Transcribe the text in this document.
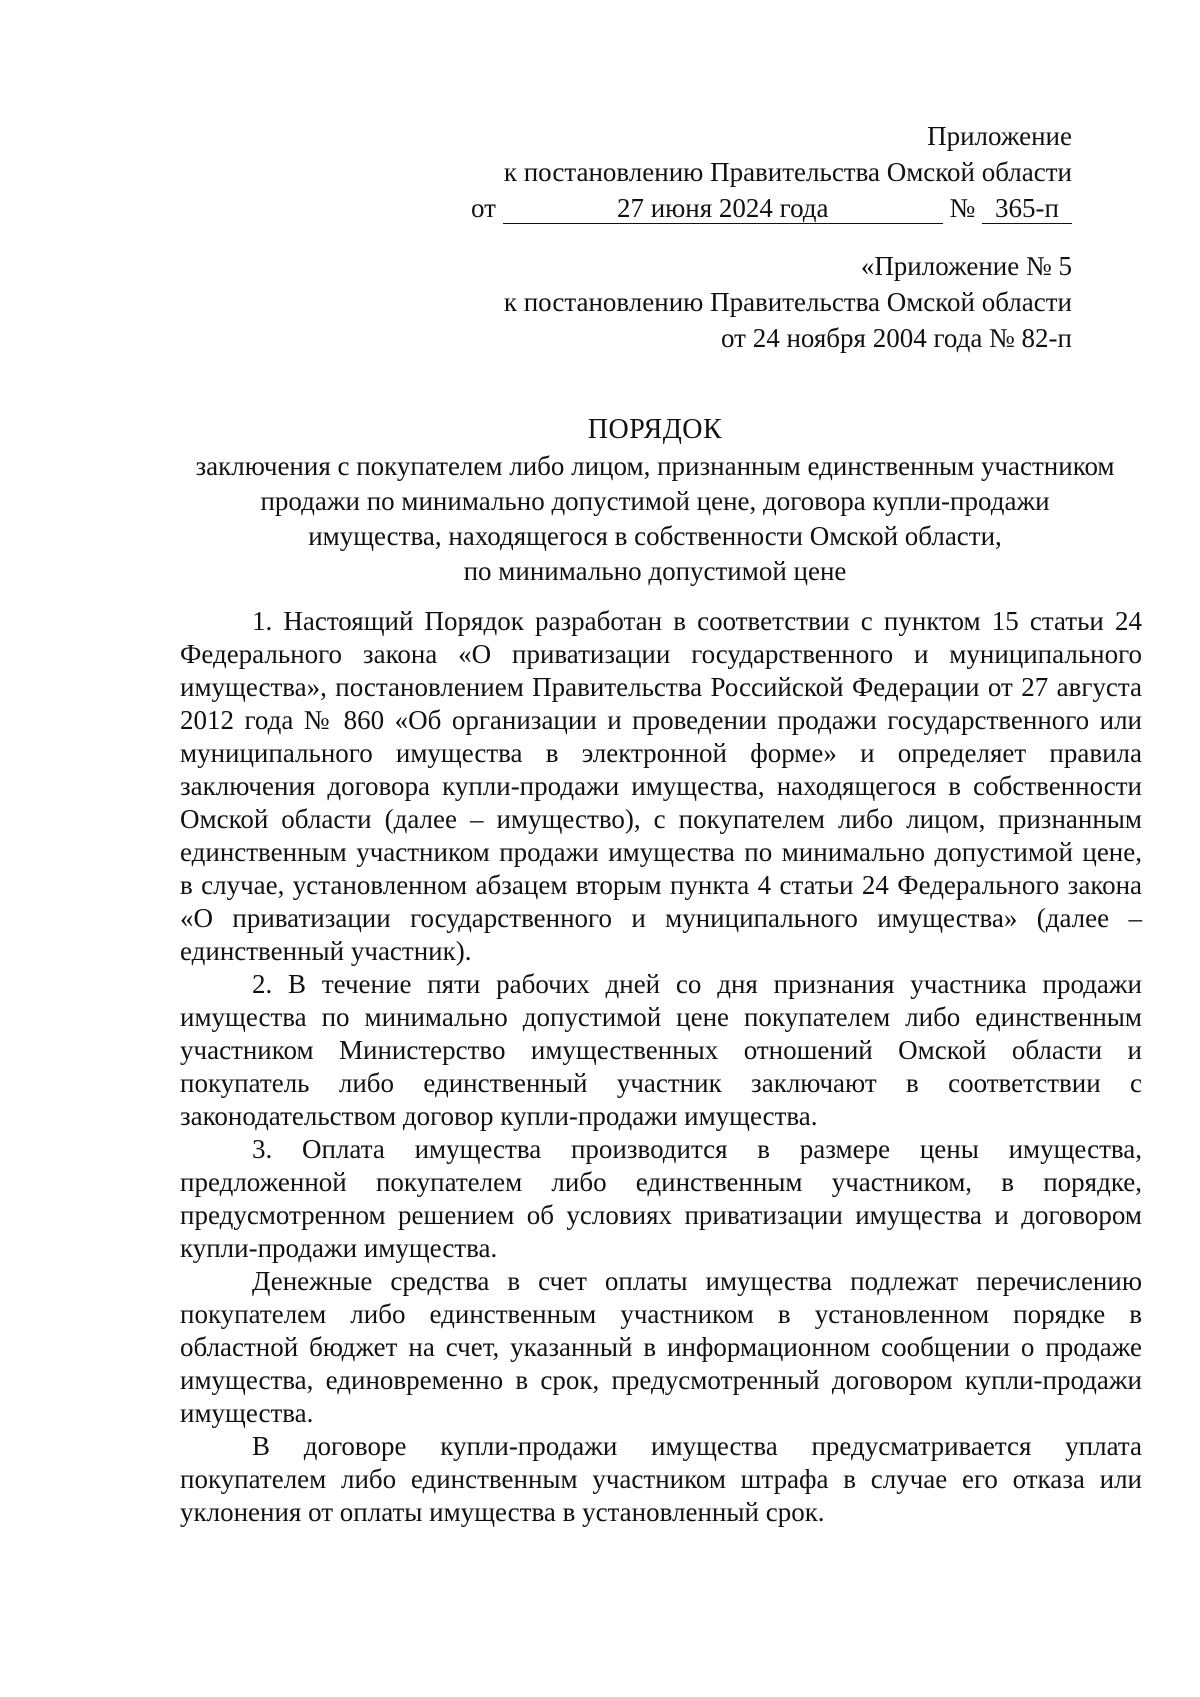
Приложение
к постановлению Правительства Омской области
от	27 июня 2024 года	№ 365-п
«Приложение № 5
к постановлению Правительства Омской области
от 24 ноября 2004 года № 82-п
ПОРЯДОК
заключения с покупателем либо лицом, признанным единственным участником
продажи по минимально допустимой цене, договора купли-продажи
имущества, находящегося в собственности Омской области,
по минимально допустимой цене

1. Настоящий Порядок разработан в соответствии с пунктом 15 статьи 24 Федерального закона «О приватизации государственного и муниципального имущества», постановлением Правительства Российской Федерации от 27 августа 2012 года № 860 «Об организации и проведении продажи государственного или муниципального имущества в электронной форме» и определяет правила заключения договора купли-продажи имущества, находящегося в собственности Омской области (далее – имущество), с покупателем либо лицом, признанным единственным участником продажи имущества по минимально допустимой цене, в случае, установленном абзацем вторым пункта 4 статьи 24 Федерального закона «О приватизации государственного и муниципального имущества» (далее – единственный участник).

2. В течение пяти рабочих дней со дня признания участника продажи имущества по минимально допустимой цене покупателем либо единственным участником Министерство имущественных отношений Омской области и покупатель либо единственный участник заключают в соответствии с законодательством договор купли-продажи имущества.

3. Оплата имущества производится в размере цены имущества, предложенной покупателем либо единственным участником, в порядке, предусмотренном решением об условиях приватизации имущества и договором купли-продажи имущества.

Денежные средства в счет оплаты имущества подлежат перечислению покупателем либо единственным участником в установленном порядке в областной бюджет на счет, указанный в информационном сообщении о продаже имущества, единовременно в срок, предусмотренный договором купли-продажи имущества.

В договоре купли-продажи имущества предусматривается уплата покупателем либо единственным участником штрафа в случае его отказа или уклонения от оплаты имущества в установленный срок.
